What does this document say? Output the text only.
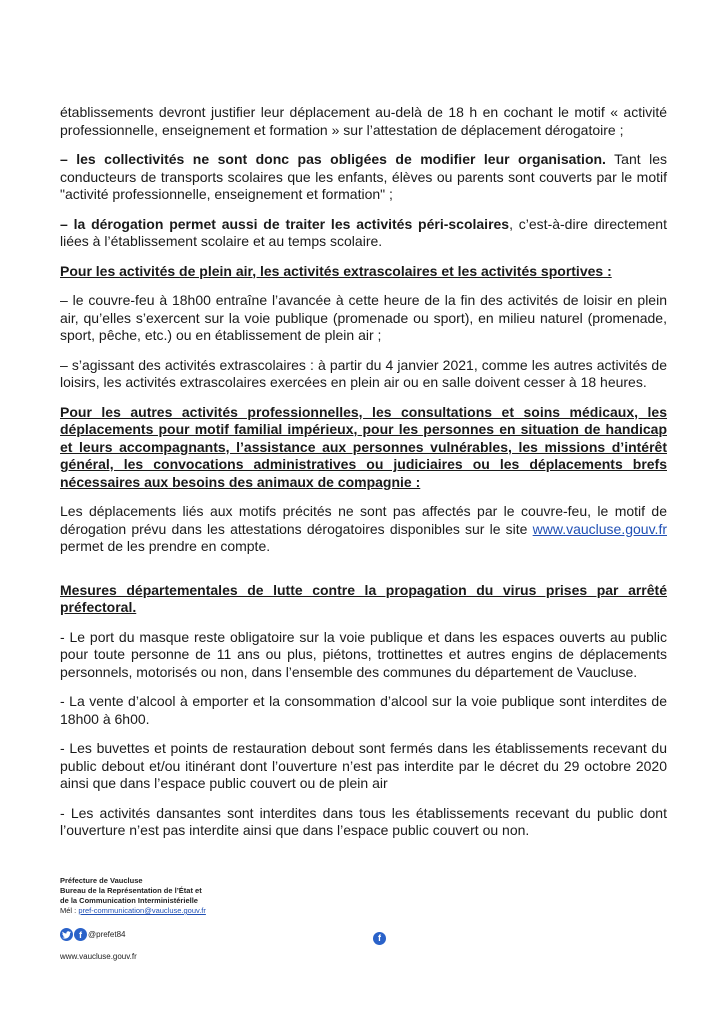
établissements devront justifier leur déplacement au-delà de 18 h en cochant le motif « activité professionnelle, enseignement et formation » sur l’attestation de déplacement dérogatoire ;

– les collectivités ne sont donc pas obligées de modifier leur organisation. Tant les conducteurs de transports scolaires que les enfants, élèves ou parents sont couverts par le motif "activité professionnelle, enseignement et formation" ;

– la dérogation permet aussi de traiter les activités péri-scolaires, c’est-à-dire directement liées à l’établissement scolaire et au temps scolaire.

Pour les activités de plein air, les activités extrascolaires et les activités sportives :

– le couvre-feu à 18h00 entraîne l’avancée à cette heure de la fin des activités de loisir en plein air, qu’elles s’exercent sur la voie publique (promenade ou sport), en milieu naturel (promenade, sport, pêche, etc.) ou en établissement de plein air ;

– s’agissant des activités extrascolaires : à partir du 4 janvier 2021, comme les autres activités de loisirs, les activités extrascolaires exercées en plein air ou en salle doivent cesser à 18 heures.

Pour les autres activités professionnelles, les consultations et soins médicaux, les déplacements pour motif familial impérieux, pour les personnes en situation de handicap et leurs accompagnants, l’assistance aux personnes vulnérables, les missions d’intérêt général, les convocations administratives ou judiciaires ou les déplacements brefs nécessaires aux besoins des animaux de compagnie :

Les déplacements liés aux motifs précités ne sont pas affectés par le couvre-feu, le motif de dérogation prévu dans les attestations dérogatoires disponibles sur le site www.vaucluse.gouv.fr permet de les prendre en compte.

Mesures départementales de lutte contre la propagation du virus prises par arrêté préfectoral.

- Le port du masque reste obligatoire sur la voie publique et dans les espaces ouverts au public pour toute personne de 11 ans ou plus, piétons, trottinettes et autres engins de déplacements personnels, motorisés ou non, dans l’ensemble des communes du département de Vaucluse.

- La vente d’alcool à emporter et la consommation d’alcool sur la voie publique sont interdites de 18h00 à 6h00.

- Les buvettes et points de restauration debout sont fermés dans les établissements recevant du public debout et/ou itinérant dont l’ouverture n’est pas interdite par le décret du 29 octobre 2020 ainsi que dans l’espace public couvert ou de plein air

- Les activités dansantes sont interdites dans tous les établissements recevant du public dont l’ouverture n’est pas interdite ainsi que dans l’espace public couvert ou non.

Préfecture de Vaucluse
Bureau de la Représentation de l’État et
de la Communication Interministérielle
Mél : pref-communication@vaucluse.gouv.fr
f @prefet84	f
www.vaucluse.gouv.fr
